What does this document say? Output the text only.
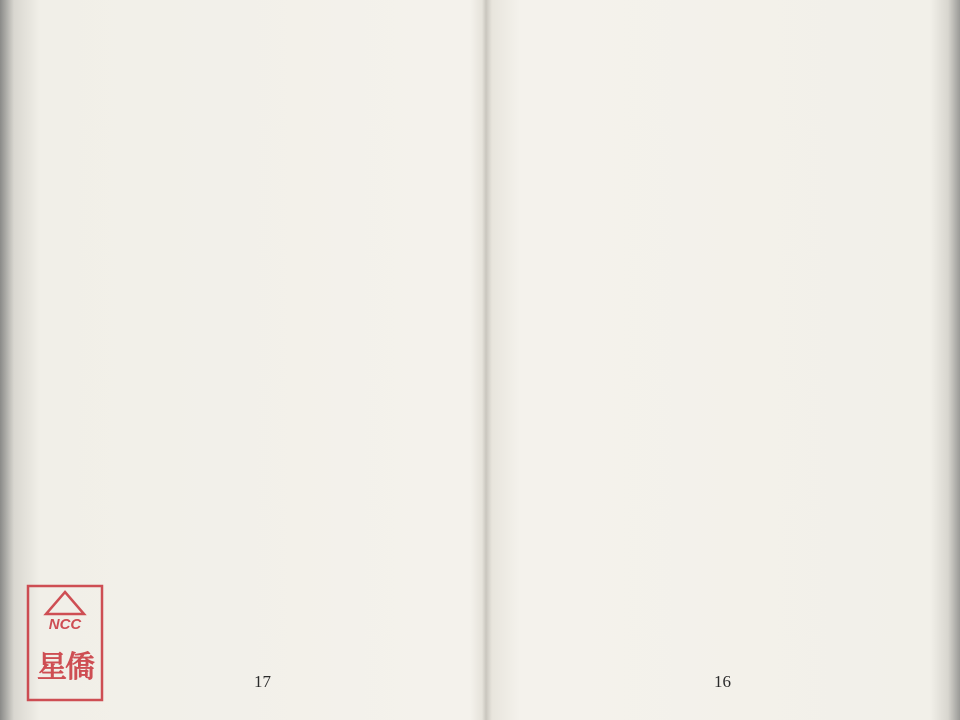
17
NCC
星僑	16
